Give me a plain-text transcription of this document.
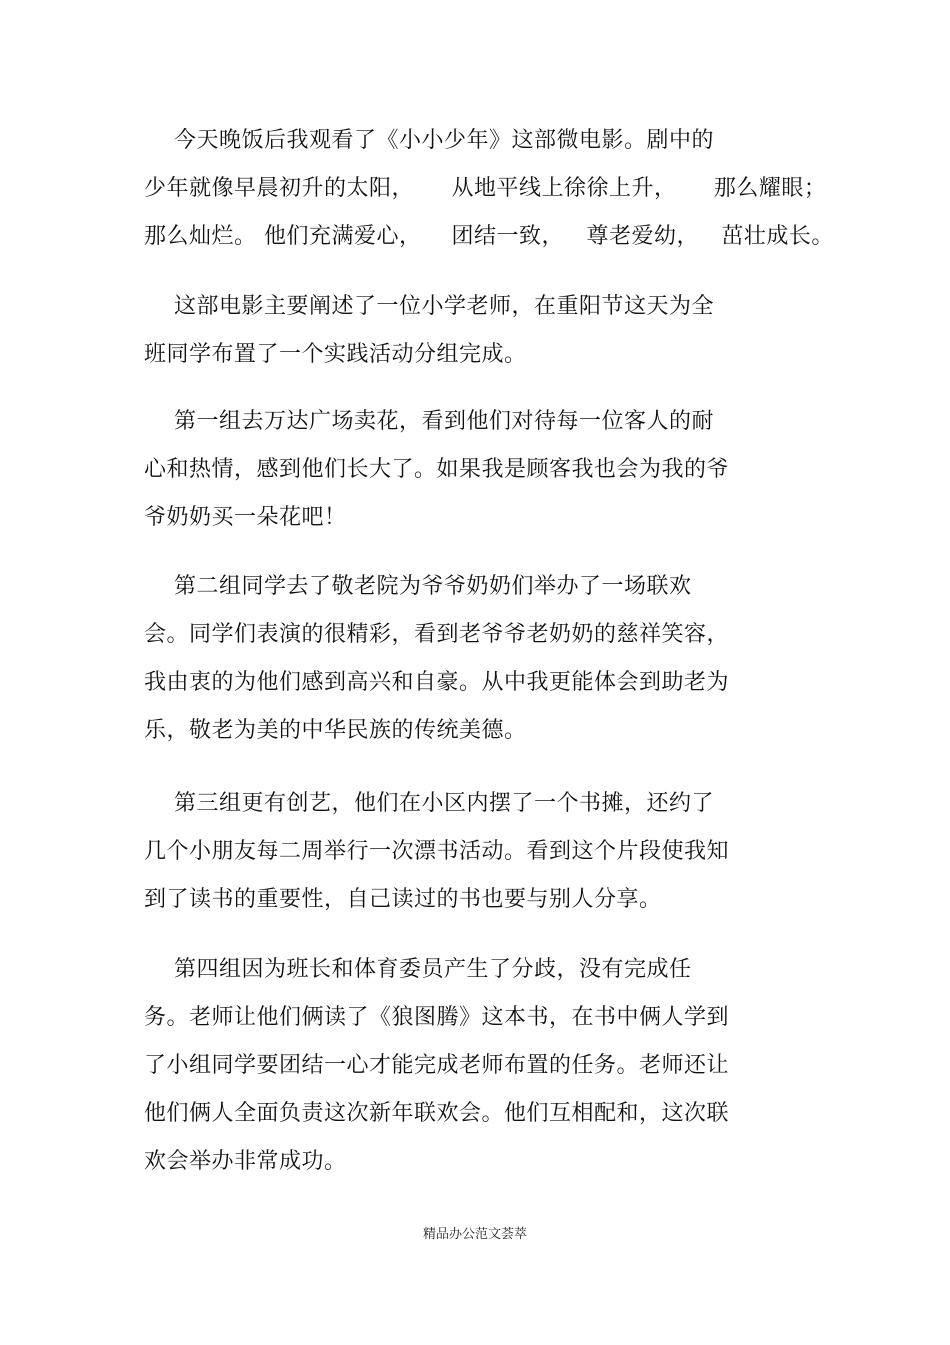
今天晚饭后我观看了《小小少年》这部微电影。剧中的
少年就像早晨初升的太阳，     从地平线上徐徐上升，     那么耀眼；
那么灿烂。 他们充满爱心，    团结一致，   尊老爱幼，   茁壮成长。
这部电影主要阐述了一位小学老师，在重阳节这天为全
班同学布置了一个实践活动分组完成。
第一组去万达广场卖花，看到他们对待每一位客人的耐
心和热情，感到他们长大了。如果我是顾客我也会为我的爷
爷奶奶买一朵花吧！
第二组同学去了敬老院为爷爷奶奶们举办了一场联欢
会。同学们表演的很精彩，看到老爷爷老奶奶的慈祥笑容，
我由衷的为他们感到高兴和自豪。从中我更能体会到助老为
乐，敬老为美的中华民族的传统美德。
第三组更有创艺，他们在小区内摆了一个书摊，还约了
几个小朋友每二周举行一次漂书活动。看到这个片段使我知
到了读书的重要性，自己读过的书也要与别人分享。
第四组因为班长和体育委员产生了分歧，没有完成任
务。老师让他们俩读了《狼图腾》这本书，在书中俩人学到
了小组同学要团结一心才能完成老师布置的任务。老师还让
他们俩人全面负责这次新年联欢会。他们互相配和，这次联
欢会举办非常成功。
精品办公范文荟萃
